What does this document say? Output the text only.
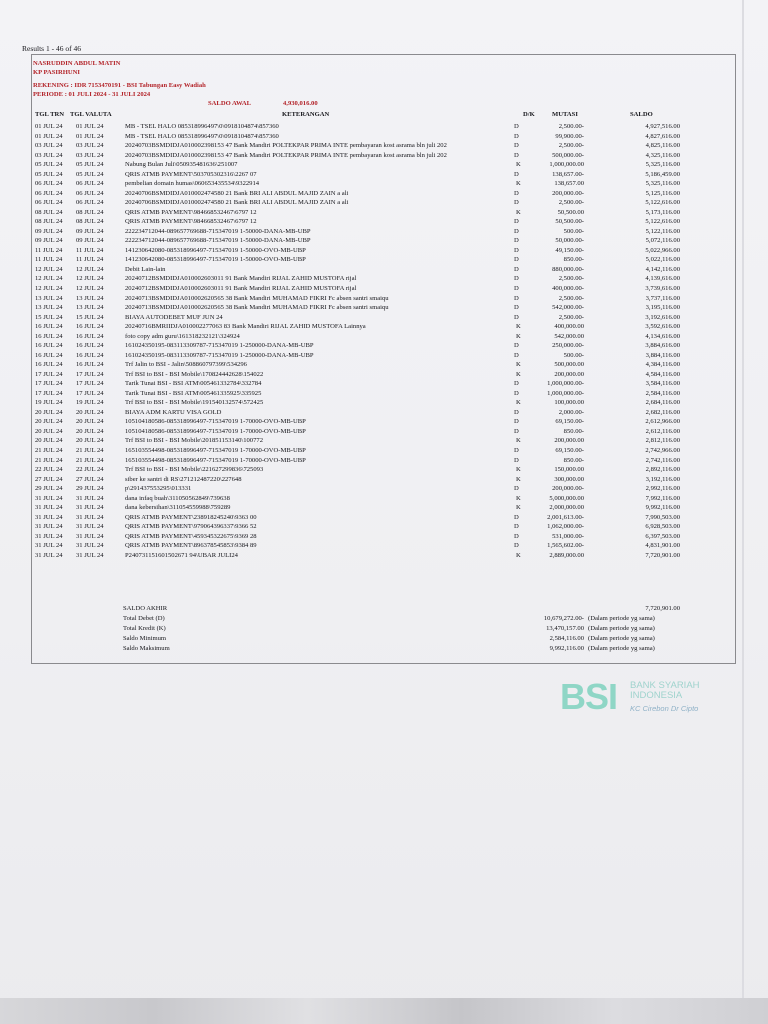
Results 1 - 46 of 46
NASRUDDIN ABDUL MATIN
KP PASIRHUNI
REKENING : IDR 7153470191 - BSI Tabungan Easy Wadiah
PERIODE : 01 JULI 2024 - 31 JULI 2024
SALDO AWAL	4,930,016.00
TGL TRN TGL VALUTA	KETERANGAN	D/K	MUTASI	SALDO
01 JUL 24 01 JUL 24	MB - TSEL HALO 085318996497\0\0918104874\857360	D	2,500.00-	4,927,516.00
01 JUL 24 01 JUL 24	MB - TSEL HALO 085318996497\0\0918104874\857360	D	99,900.00-	4,827,616.00
03 JUL 24 03 JUL 24	20240703BSMDIDJA010002398153 47 Bank Mandiri POLTEKPAR PRIMA INTE pembayaran kost asrama bln juli 202	D	2,500.00-	4,825,116.00
03 JUL 24 03 JUL 24	20240703BSMDIDJA010002398153 47 Bank Mandiri POLTEKPAR PRIMA INTE pembayaran kost asrama bln juli 202	D	500,000.00-	4,325,116.00
05 JUL 24 05 JUL 24	Nabung Bulan Juli\050935481636\251007	K	1,000,000.00	5,325,116.00
05 JUL 24 05 JUL 24	QRIS ATMB PAYMENT\503705302316\2267 07	D	138,657.00-	5,186,459.00
06 JUL 24 06 JUL 24	pembelian domain humas\060653435534\9322914	K	138,657.00	5,325,116.00
06 JUL 24 06 JUL 24	20240706BSMDIDJA010002474580 21 Bank BRI ALI ABDUL MAJID ZAIN a ali	D	200,000.00-	5,125,116.00
06 JUL 24 06 JUL 24	20240706BSMDIDJA010002474580 21 Bank BRI ALI ABDUL MAJID ZAIN a ali	D	2,500.00-	5,122,616.00
08 JUL 24 08 JUL 24	QRIS ATMB PAYMENT\984668532467\6797 12	K	50,500.00	5,173,116.00
08 JUL 24 08 JUL 24	QRIS ATMB PAYMENT\984668532467\6797 12	D	50,500.00-	5,122,616.00
09 JUL 24 09 JUL 24	222234712044-089657769688-715347019 1-50000-DANA-MB-UBP	D	500.00-	5,122,116.00
09 JUL 24 09 JUL 24	222234712044-089657769688-715347019 1-50000-DANA-MB-UBP	D	50,000.00-	5,072,116.00
11 JUL 24 11 JUL 24	141230642080-085318996497-715347019 1-50000-OVO-MB-UBP	D	49,150.00-	5,022,966.00
11 JUL 24 11 JUL 24	141230642080-085318996497-715347019 1-50000-OVO-MB-UBP	D	850.00-	5,022,116.00
12 JUL 24 12 JUL 24	Debit Lain-lain	D	880,000.00-	4,142,116.00
12 JUL 24 12 JUL 24	20240712BSMDIDJA010002603011 91 Bank Mandiri RIJAL ZAHID MUSTOFA rijal	D	2,500.00-	4,139,616.00
12 JUL 24 12 JUL 24	20240712BSMDIDJA010002603011 91 Bank Mandiri RIJAL ZAHID MUSTOFA rijal	D	400,000.00-	3,739,616.00
13 JUL 24 13 JUL 24	20240713BSMDIDJA010002620565 38 Bank Mandiri MUHAMAD FIKRI Fc absen santri smaiqu	D	2,500.00-	3,737,116.00
13 JUL 24 13 JUL 24	20240713BSMDIDJA010002620565 38 Bank Mandiri MUHAMAD FIKRI Fc absen santri smaiqu	D	542,000.00-	3,195,116.00
15 JUL 24 15 JUL 24	BIAYA AUTODEBET MUF JUN 24	D	2,500.00-	3,192,616.00
16 JUL 24 16 JUL 24	20240716BMRIIDJA010002277063 83 Bank Mandiri RIJAL ZAHID MUSTOFA Lainnya	K	400,000.00	3,592,616.00
16 JUL 24 16 JUL 24	foto copy adm guru\161318232121\324924	K	542,000.00	4,134,616.00
16 JUL 24 16 JUL 24	161024350195-083113309787-715347019 1-250000-DANA-MB-UBP	D	250,000.00-	3,884,616.00
16 JUL 24 16 JUL 24	161024350195-083113309787-715347019 1-250000-DANA-MB-UBP	D	500.00-	3,884,116.00
16 JUL 24 16 JUL 24	Trf Jalin to BSI - Jalin\508860797399\534296	K	500,000.00	4,384,116.00
17 JUL 24 17 JUL 24	Trf BSI to BSI - BSI Mobile\170824442628\154022	K	200,000.00	4,584,116.00
17 JUL 24 17 JUL 24	Tarik Tunai BSI - BSI ATM\005461332784\332784	D	1,000,000.00-	3,584,116.00
17 JUL 24 17 JUL 24	Tarik Tunai BSI - BSI ATM\005461335925\335925	D	1,000,000.00-	2,584,116.00
19 JUL 24 19 JUL 24	Trf BSI to BSI - BSI Mobile\191540132574\572425	K	100,000.00	2,684,116.00
20 JUL 24 20 JUL 24	BIAYA ADM KARTU VISA GOLD	D	2,000.00-	2,682,116.00
20 JUL 24 20 JUL 24	105104180586-085318996497-715347019 1-70000-OVO-MB-UBP	D	69,150.00-	2,612,966.00
20 JUL 24 20 JUL 24	105104180586-085318996497-715347019 1-70000-OVO-MB-UBP	D	850.00-	2,612,116.00
20 JUL 24 20 JUL 24	Trf BSI to BSI - BSI Mobile\201851153140\100772	K	200,000.00	2,812,116.00
21 JUL 24 21 JUL 24	165103554498-085318996497-715347019 1-70000-OVO-MB-UBP	D	69,150.00-	2,742,966.00
21 JUL 24 21 JUL 24	165103554498-085318996497-715347019 1-70000-OVO-MB-UBP	D	850.00-	2,742,116.00
22 JUL 24 22 JUL 24	Trf BSI to BSI - BSI Mobile\221627299836\725093	K	150,000.00	2,892,116.00
27 JUL 24 27 JUL 24	siber ke santri di RS\271212487220\227648	K	300,000.00	3,192,116.00
29 JUL 24 29 JUL 24	p\291437553295\013331	D	200,000.00-	2,992,116.00
31 JUL 24 31 JUL 24	dana infaq buah\311050562849\739638	K	5,000,000.00	7,992,116.00
31 JUL 24 31 JUL 24	dana kebersihan\311054559988\759289	K	2,000,000.00	9,992,116.00
31 JUL 24 31 JUL 24	QRIS ATMB PAYMENT\238918245240\9363 00	D	2,001,613.00-	7,990,503.00
31 JUL 24 31 JUL 24	QRIS ATMB PAYMENT\979064396337\9366 52	D	1,062,000.00-	6,928,503.00
31 JUL 24 31 JUL 24	QRIS ATMB PAYMENT\459345322675\9369 28	D	531,000.00-	6,397,503.00
31 JUL 24 31 JUL 24	QRIS ATMB PAYMENT\896378545853\9384 89	D	1,565,602.00-	4,831,901.00
31 JUL 24 31 JUL 24	P240731151601502671 94\UBAR JULI24	K	2,889,000.00	7,720,901.00
SALDO AKHIR	7,720,901.00
Total Debet (D)	10,679,272.00- (Dalam periode yg sama)
Total Kredit (K)	13,470,157.00 (Dalam periode yg sama)
Saldo Minimum	2,584,116.00 (Dalam periode yg sama)
Saldo Maksimum	9,992,116.00 (Dalam periode yg sama)
BSI BANK SYARIAH
INDONESIA
KC Cirebon Dr Cipto
